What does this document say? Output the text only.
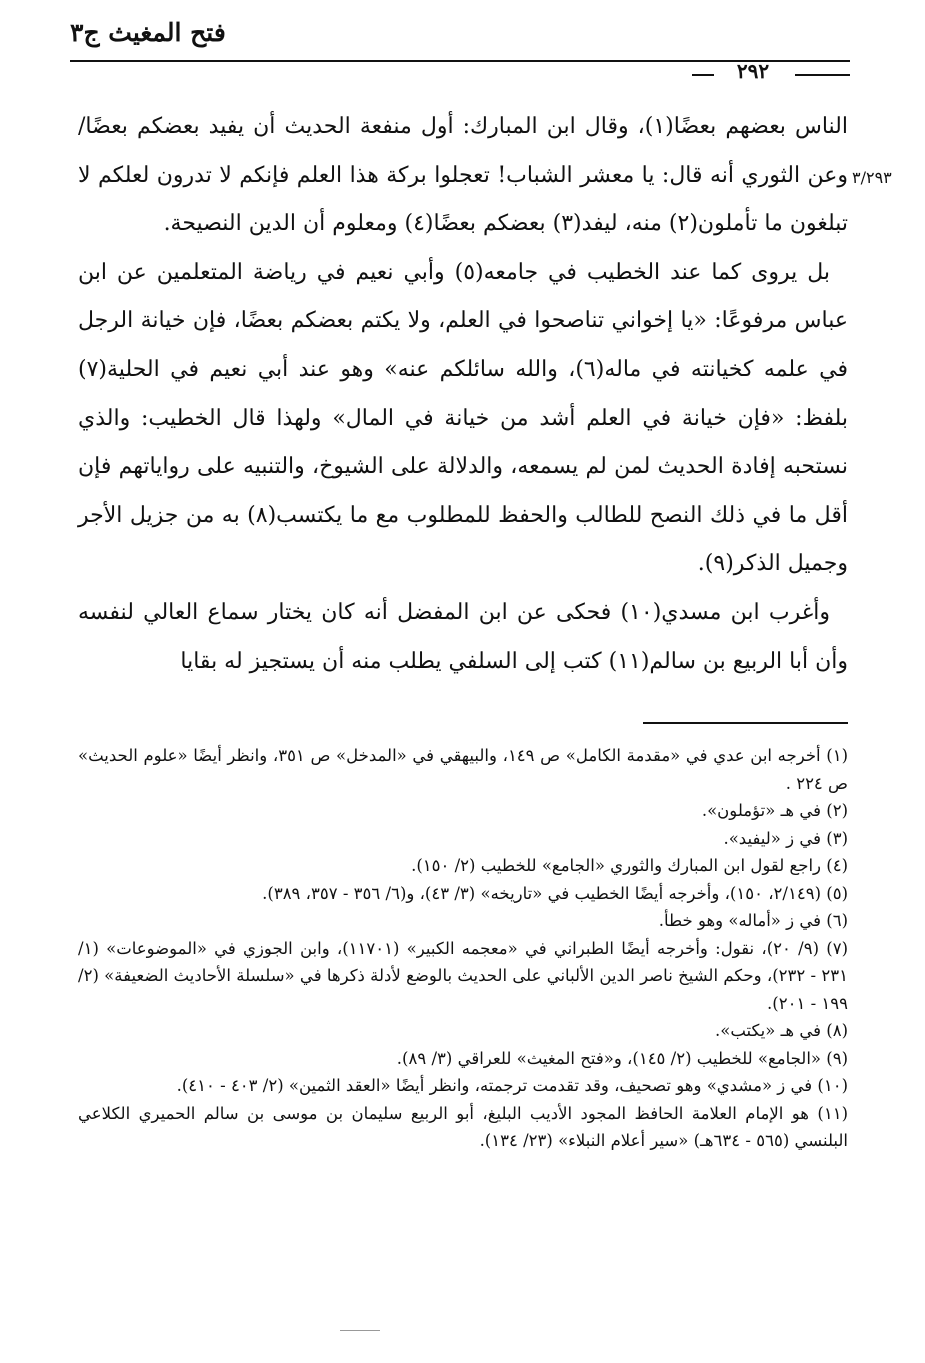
فتح المغيث ج٣
٢٩٢
٣/٢٩٣

الناس بعضهم بعضًا(١)، وقال ابن المبارك: أول منفعة الحديث أن يفيد بعضكم بعضًا/ وعن الثوري أنه قال: يا معشر الشباب! تعجلوا بركة هذا العلم فإنكم لا تدرون لعلكم لا تبلغون ما تأملون(٢) منه، ليفد(٣) بعضكم بعضًا(٤) ومعلوم أن الدين النصيحة.

بل يروى كما عند الخطيب في جامعه(٥) وأبي نعيم في رياضة المتعلمين عن ابن عباس مرفوعًا: «يا إخواني تناصحوا في العلم، ولا يكتم بعضكم بعضًا، فإن خيانة الرجل في علمه كخيانته في ماله(٦)، والله سائلكم عنه» وهو عند أبي نعيم في الحلية(٧) بلفظ: «فإن خيانة في العلم أشد من خيانة في المال» ولهذا قال الخطيب: والذي نستحبه إفادة الحديث لمن لم يسمعه، والدلالة على الشيوخ، والتنبيه على رواياتهم فإن أقل ما في ذلك النصح للطالب والحفظ للمطلوب مع ما يكتسب(٨) به من جزيل الأجر وجميل الذكر(٩).

وأغرب ابن مسدي(١٠) فحكى عن ابن المفضل أنه كان يختار سماع العالي لنفسه وأن أبا الربيع بن سالم(١١) كتب إلى السلفي يطلب منه أن يستجيز له بقايا

(١) أخرجه ابن عدي في «مقدمة الكامل» ص ١٤٩، والبيهقي في «المدخل» ص ٣٥١، وانظر أيضًا «علوم الحديث» ص ٢٢٤ .

(٢) في هـ «تؤملون».

(٣) في ز «ليفيد».

(٤) راجع لقول ابن المبارك والثوري «الجامع» للخطيب (٢/ ١٥٠).

(٥) (٢/١٤٩، ١٥٠)، وأخرجه أيضًا الخطيب في «تاريخه» (٣/ ٤٣)، و(٦/ ٣٥٦ - ٣٥٧، ٣٨٩).

(٦) في ز «أماله» وهو خطأ.

(٧) (٩/ ٢٠)، نقول: وأخرجه أيضًا الطبراني في «معجمه الكبير» (١١٧٠١)، وابن الجوزي في «الموضوعات» (١/ ٢٣١ - ٢٣٢)، وحكم الشيخ ناصر الدين الألباني على الحديث بالوضع لأدلة ذكرها في «سلسلة الأحاديث الضعيفة» (٢/ ١٩٩ - ٢٠١).

(٨) في هـ «يكتب».

(٩) «الجامع» للخطيب (٢/ ١٤٥)، و«فتح المغيث» للعراقي (٣/ ٨٩).

(١٠) في ز «مشدي» وهو تصحيف، وقد تقدمت ترجمته، وانظر أيضًا «العقد الثمين» (٢/ ٤٠٣ - ٤١٠).

(١١) هو الإمام العلامة الحافظ المجود الأديب البليغ، أبو الربيع سليمان بن موسى بن سالم الحميري الكلاعي البلنسي (٥٦٥ - ٦٣٤هـ) «سير أعلام النبلاء» (٢٣/ ١٣٤).
